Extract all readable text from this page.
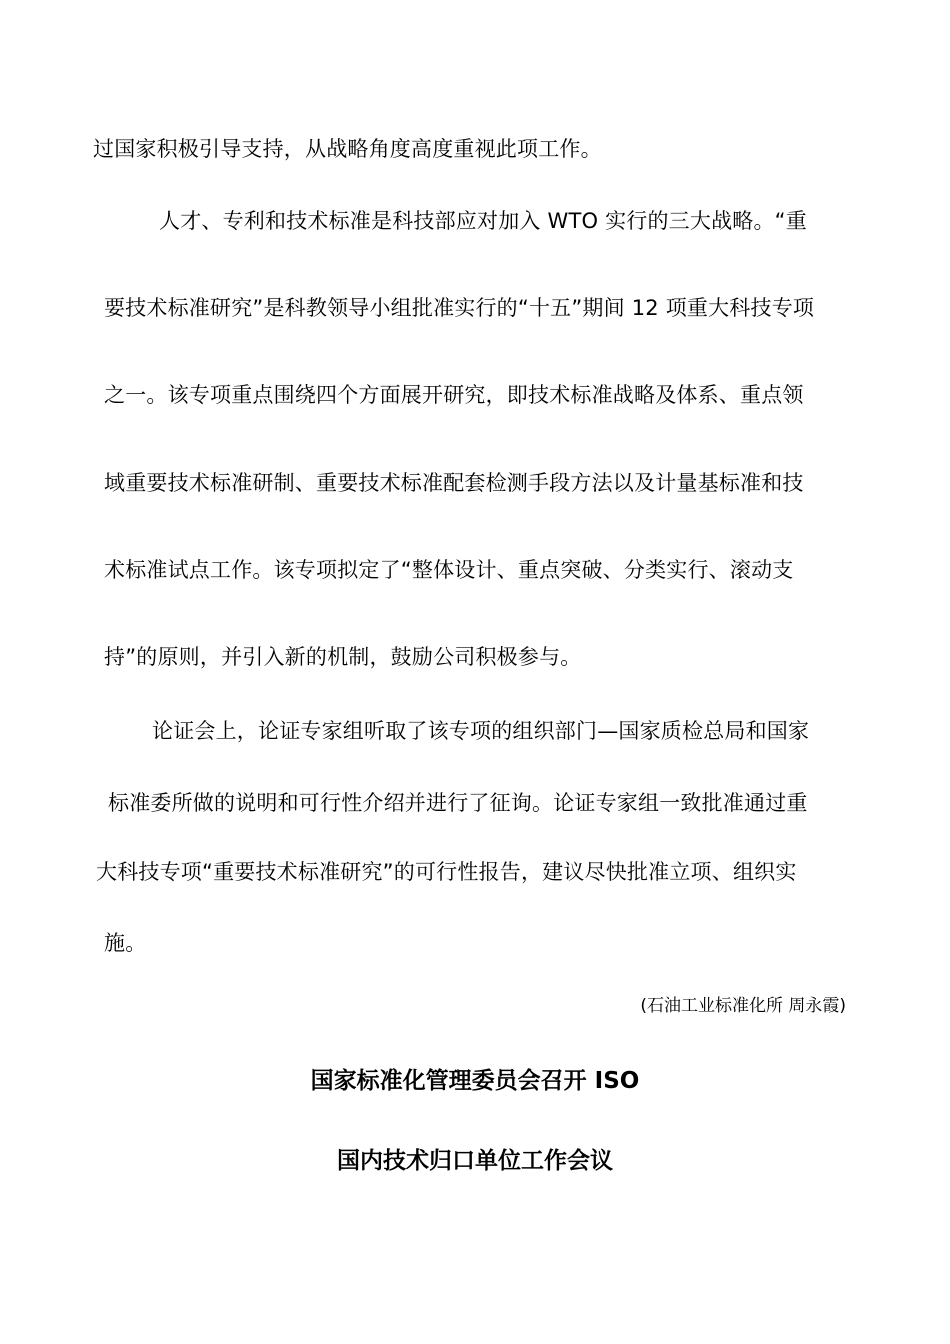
过国家积极引导支持，从战略角度高度重视此项工作。
人才、专利和技术标准是科技部应对加入 WTO 实行的三大战略。“重
要技术标准研究”是科教领导小组批准实行的“十五”期间 12 项重大科技专项
之一。该专项重点围绕四个方面展开研究，即技术标准战略及体系、重点领
域重要技术标准研制、重要技术标准配套检测手段方法以及计量基标准和技
术标准试点工作。该专项拟定了“整体设计、重点突破、分类实行、滚动支
持”的原则，并引入新的机制，鼓励公司积极参与。
论证会上，论证专家组听取了该专项的组织部门—国家质检总局和国家
标准委所做的说明和可行性介绍并进行了征询。论证专家组一致批准通过重
大科技专项“重要技术标准研究”的可行性报告，建议尽快批准立项、组织实
施。
(石油工业标准化所 周永霞)
国家标准化管理委员会召开 ISO
国内技术归口单位工作会议
